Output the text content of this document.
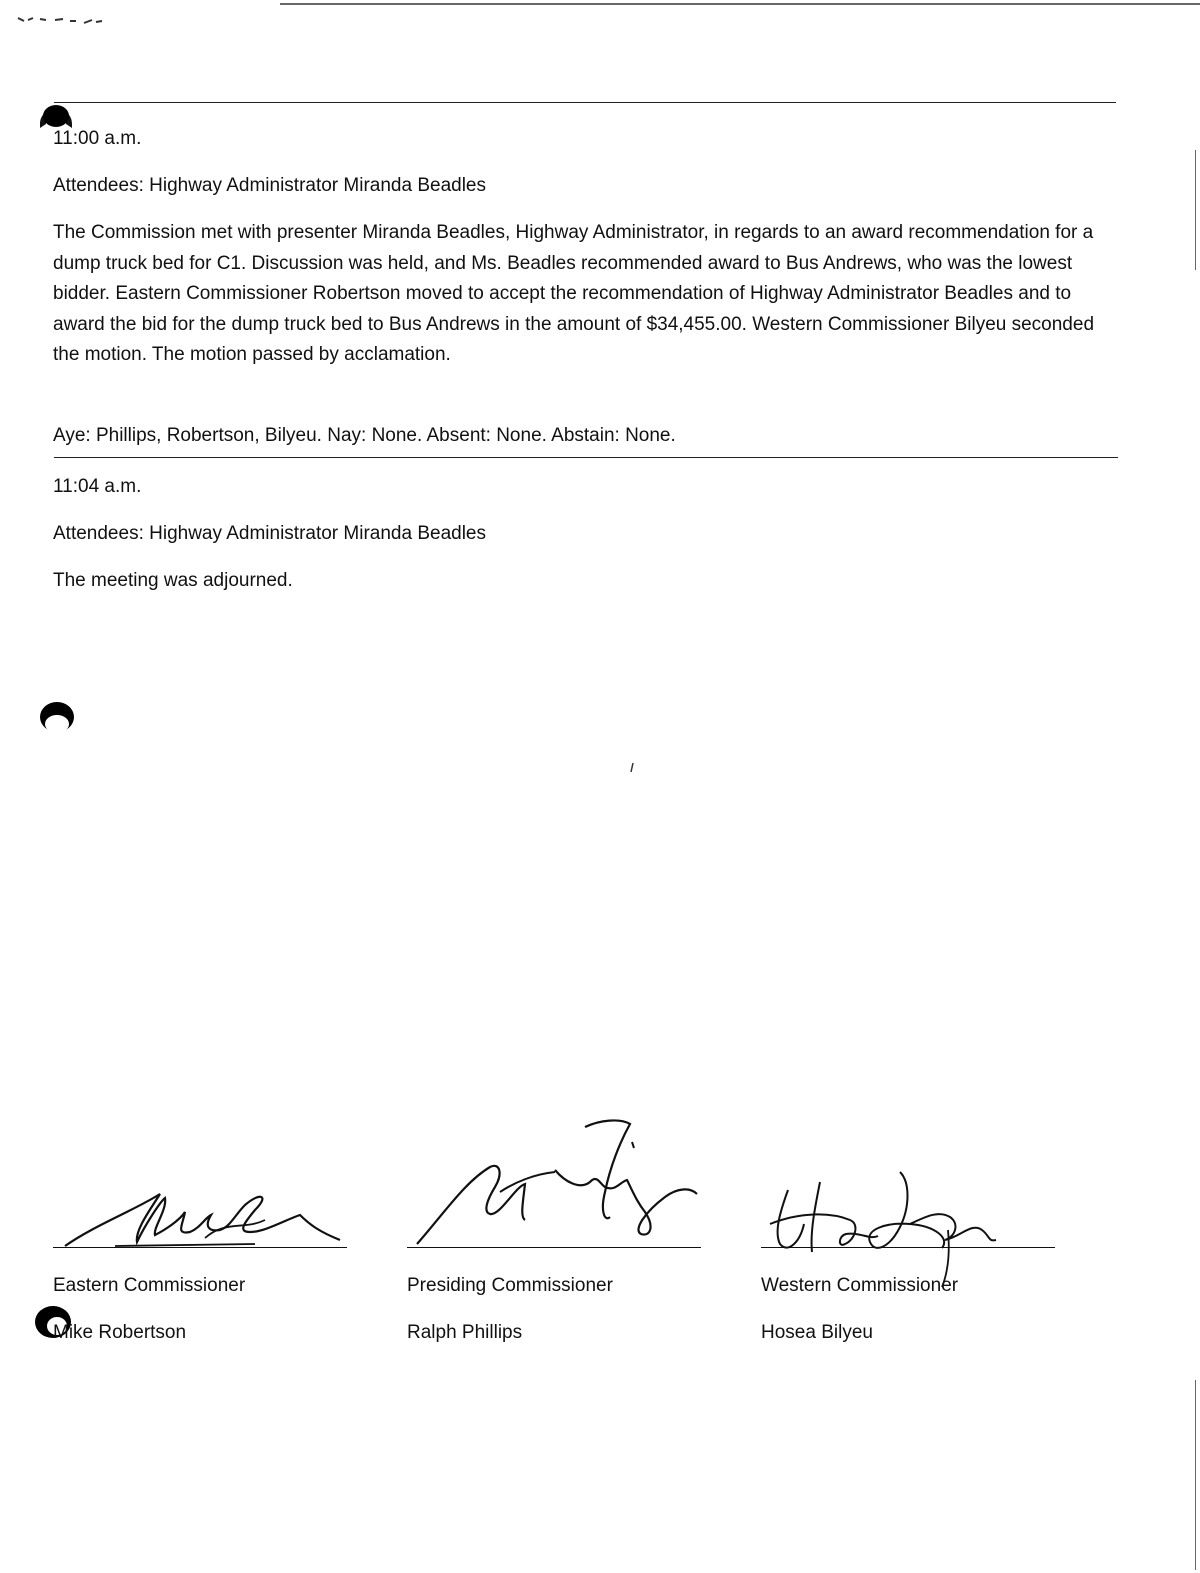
11:00 a.m.
Attendees: Highway Administrator Miranda Beadles
The Commission met with presenter Miranda Beadles, Highway Administrator, in regards to an award recommendation for a dump truck bed for C1. Discussion was held, and Ms. Beadles recommended award to Bus Andrews, who was the lowest bidder. Eastern Commissioner Robertson moved to accept the recommendation of Highway Administrator Beadles and to award the bid for the dump truck bed to Bus Andrews in the amount of $34,455.00. Western Commissioner Bilyeu seconded the motion. The motion passed by acclamation.
Aye: Phillips, Robertson, Bilyeu. Nay: None. Absent: None. Abstain: None.
11:04 a.m.
Attendees: Highway Administrator Miranda Beadles
The meeting was adjourned.
Eastern Commissioner
Mike Robertson
Presiding Commissioner
Ralph Phillips
Western Commissioner
Hosea Bilyeu
